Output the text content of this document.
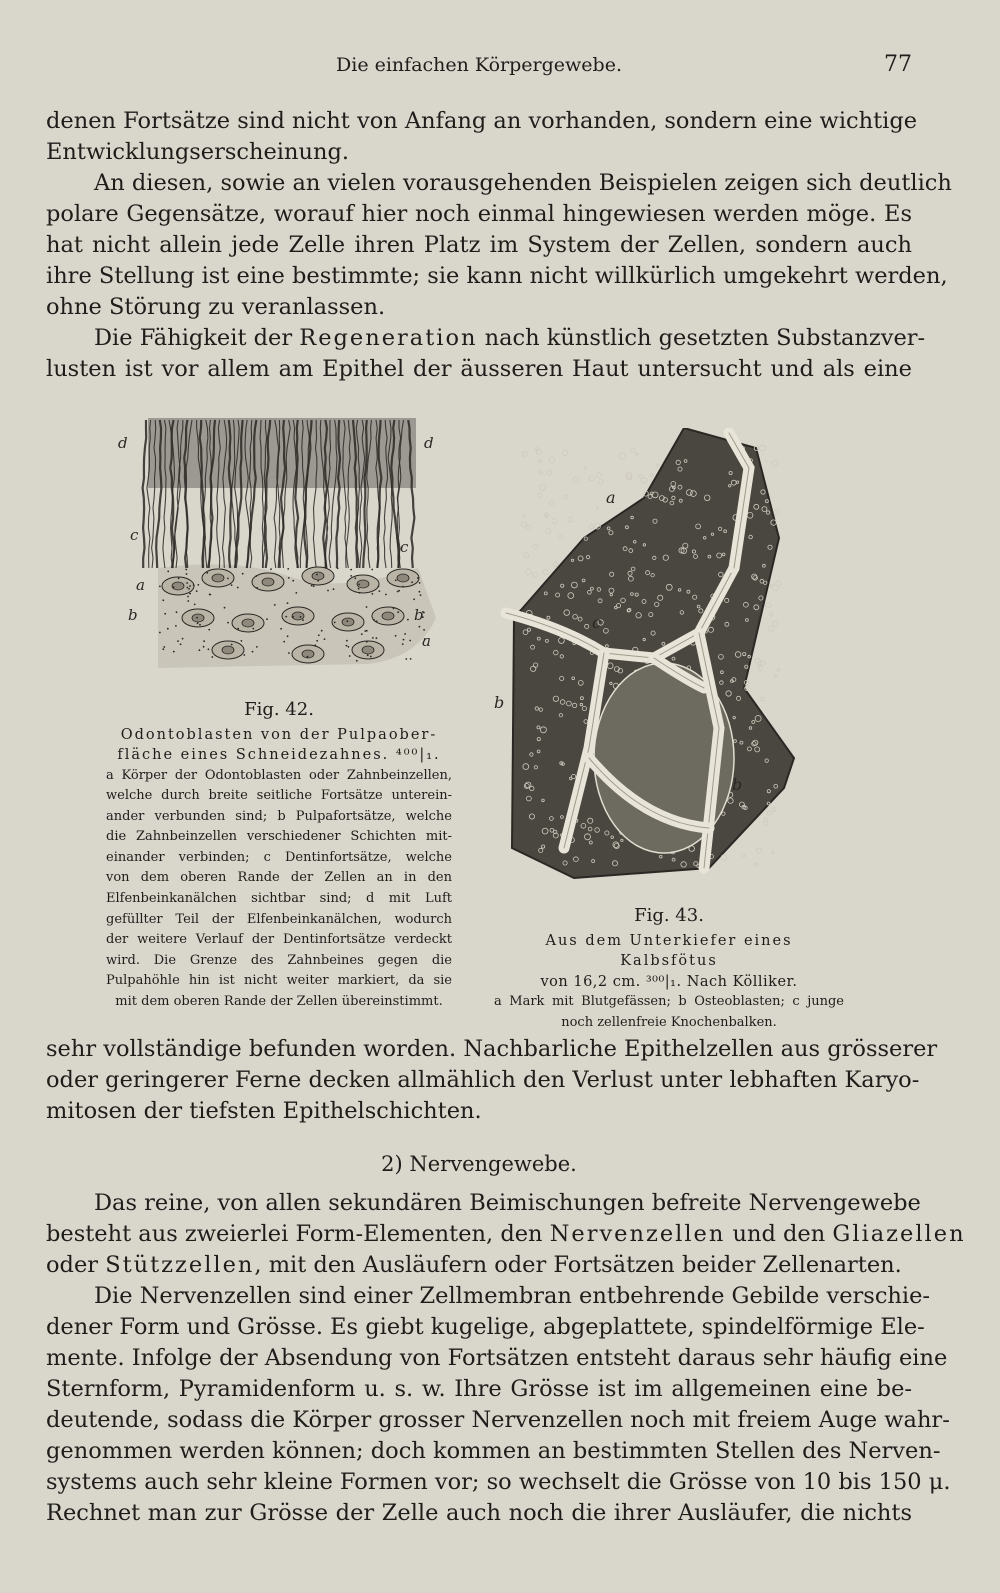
Die einfachen Körpergewebe.	77
denen Fortsätze sind nicht von Anfang an vorhanden, sondern eine wichtige
Entwicklungserscheinung.
An diesen, sowie an vielen vorausgehenden Beispielen zeigen sich deutlich
polare Gegensätze, worauf hier noch einmal hingewiesen werden möge. Es
hat nicht allein jede Zelle ihren Platz im System der Zellen, sondern auch
ihre Stellung ist eine bestimmte; sie kann nicht willkürlich umgekehrt werden,
ohne Störung zu veranlassen.
Die Fähigkeit der Regeneration nach künstlich gesetzten Substanzver-
lusten ist vor allem am Epithel der äusseren Haut untersucht und als eine
d	d
c
c
a
b	b
a
Fig. 42.
Odontoblasten von der Pulpaober-
fläche eines Schneidezahnes. ⁴⁰⁰|₁.
a Körper der Odontoblasten oder Zahnbeinzellen,
welche durch breite seitliche Fortsätze unterein-
ander verbunden sind; b Pulpafortsätze, welche
die Zahnbeinzellen verschiedener Schichten mit-
einander verbinden; c Dentinfortsätze, welche
von dem oberen Rande der Zellen an in den
Elfenbeinkanälchen sichtbar sind; d mit Luft
gefüllter Teil der Elfenbeinkanälchen, wodurch
der weitere Verlauf der Dentinfortsätze verdeckt
wird. Die Grenze des Zahnbeines gegen die
Pulpahöhle hin ist nicht weiter markiert, da sie
mit dem oberen Rande der Zellen übereinstimmt.
a
b
b
c
Fig. 43.
Aus dem Unterkiefer eines Kalbsfötus
von 16,2 cm. ³⁰⁰|₁. Nach Kölliker.
a Mark mit Blutgefässen; b Osteoblasten; c junge
noch zellenfreie Knochenbalken.
sehr vollständige befunden worden. Nachbarliche Epithelzellen aus grösserer
oder geringerer Ferne decken allmählich den Verlust unter lebhaften Karyo-
mitosen der tiefsten Epithelschichten.
2) Nervengewebe.
Das reine, von allen sekundären Beimischungen befreite Nervengewebe
besteht aus zweierlei Form-Elementen, den Nervenzellen und den Gliazellen
oder Stützzellen, mit den Ausläufern oder Fortsätzen beider Zellenarten.
Die Nervenzellen sind einer Zellmembran entbehrende Gebilde verschie-
dener Form und Grösse. Es giebt kugelige, abgeplattete, spindelförmige Ele-
mente. Infolge der Absendung von Fortsätzen entsteht daraus sehr häufig eine
Sternform, Pyramidenform u. s. w. Ihre Grösse ist im allgemeinen eine be-
deutende, sodass die Körper grosser Nervenzellen noch mit freiem Auge wahr-
genommen werden können; doch kommen an bestimmten Stellen des Nerven-
systems auch sehr kleine Formen vor; so wechselt die Grösse von 10 bis 150 μ.
Rechnet man zur Grösse der Zelle auch noch die ihrer Ausläufer, die nichts
